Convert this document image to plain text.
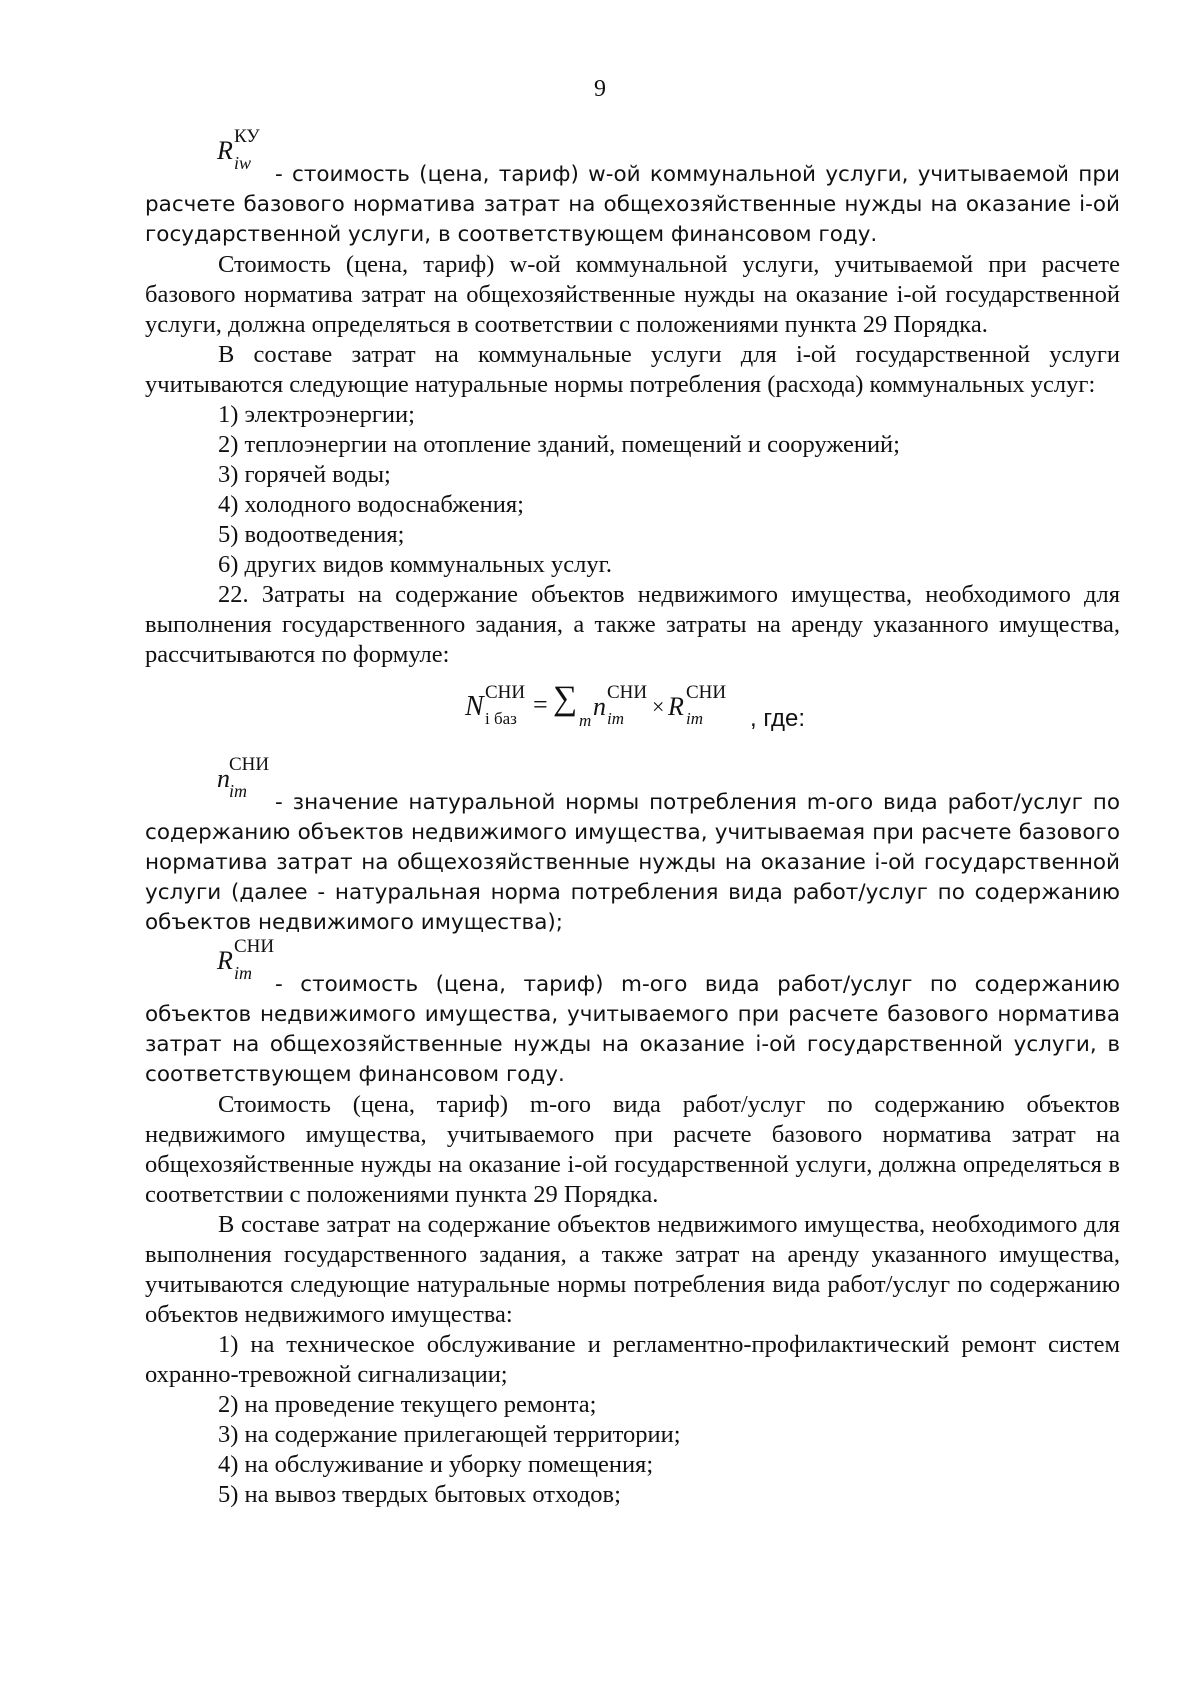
9
R КУ
iw	- стоимость (цена, тариф) w-ой коммунальной услуги, учитываемой при расчете базового норматива затрат на общехозяйственные нужды на оказание i-ой государственной услуги, в соответствующем финансовом году.

Стоимость (цена, тариф) w-ой коммунальной услуги, учитываемой при расчете базового норматива затрат на общехозяйственные нужды на оказание i-ой государственной услуги, должна определяться в соответствии с положениями пункта 29 Порядка.

В составе затрат на коммунальные услуги для i-ой государственной услуги учитываются следующие натуральные нормы потребления (расхода) коммунальных услуг:

1) электроэнергии;

2) теплоэнергии на отопление зданий, помещений и сооружений;

3) горячей воды;

4) холодного водоснабжения;

5) водоотведения;

6) других видов коммунальных услуг.

22. Затраты на содержание объектов недвижимого имущества, необходимого для выполнения государственного задания, а также затраты на аренду указанного имущества, рассчитываются по формуле:

N СНИ
i баз = ∑
m n СНИ
im × R СНИ
im , где:
n СНИ
im	- значение натуральной нормы потребления m-ого вида работ/услуг по содержанию объектов недвижимого имущества, учитываемая при расчете базового норматива затрат на общехозяйственные нужды на оказание i-ой государственной услуги (далее - натуральная норма потребления вида работ/услуг по содержанию объектов недвижимого имущества);

R СНИ
im	- стоимость (цена, тариф) m-ого вида работ/услуг по содержанию объектов недвижимого имущества, учитываемого при расчете базового норматива затрат на общехозяйственные нужды на оказание i-ой государственной услуги, в соответствующем финансовом году.

Стоимость (цена, тариф) m-ого вида работ/услуг по содержанию объектов недвижимого имущества, учитываемого при расчете базового норматива затрат на общехозяйственные нужды на оказание i-ой государственной услуги, должна определяться в соответствии с положениями пункта 29 Порядка.

В составе затрат на содержание объектов недвижимого имущества, необходимого для выполнения государственного задания, а также затрат на аренду указанного имущества, учитываются следующие натуральные нормы потребления вида работ/услуг по содержанию объектов недвижимого имущества:

1) на техническое обслуживание и регламентно-профилактический ремонт систем охранно-тревожной сигнализации;

2) на проведение текущего ремонта;

3) на содержание прилегающей территории;

4) на обслуживание и уборку помещения;

5) на вывоз твердых бытовых отходов;
